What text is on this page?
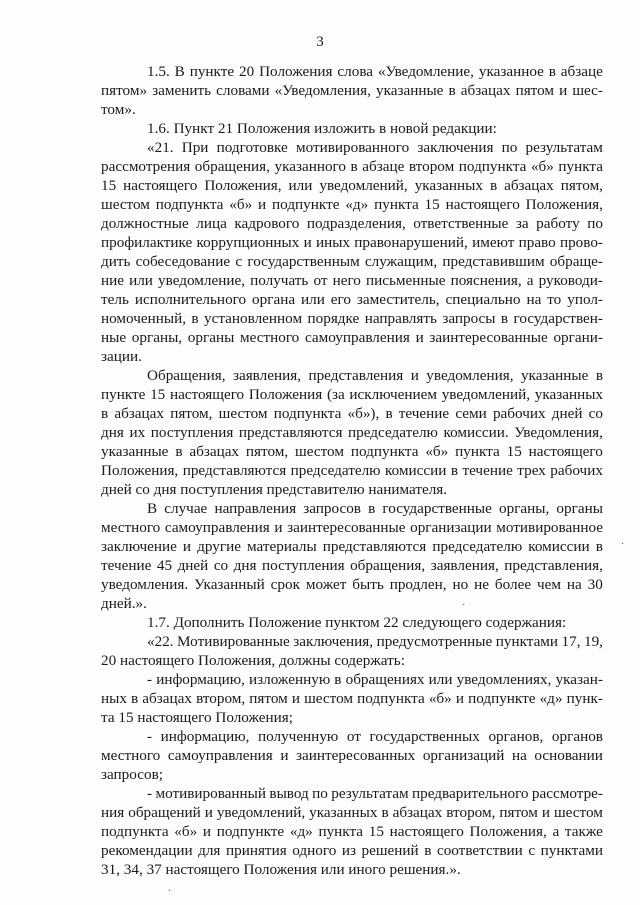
3
1.5. В пункте 20 Положения слова «Уведомление, указанное в абзаце
пятом» заменить словами «Уведомления, указанные в абзацах пятом и шес-
том».
1.6. Пункт 21 Положения изложить в новой редакции:
«21. При подготовке мотивированного заключения по результатам
рассмотрения обращения, указанного в абзаце втором подпункта «б» пункта
15 настоящего Положения, или уведомлений, указанных в абзацах пятом,
шестом подпункта «б» и подпункте «д» пункта 15 настоящего Положения,
должностные лица кадрового подразделения, ответственные за работу по
профилактике коррупционных и иных правонарушений, имеют право прово-
дить собеседование с государственным служащим, представившим обраще-
ние или уведомление, получать от него письменные пояснения, а руководи-
тель исполнительного органа или его заместитель, специально на то упол-
номоченный, в установленном порядке направлять запросы в государствен-
ные органы, органы местного самоуправления и заинтересованные органи-
зации.
Обращения, заявления, представления и уведомления, указанные в
пункте 15 настоящего Положения (за исключением уведомлений, указанных
в абзацах пятом, шестом подпункта «б»), в течение семи рабочих дней со
дня их поступления представляются председателю комиссии. Уведомления,
указанные в абзацах пятом, шестом подпункта «б» пункта 15 настоящего
Положения, представляются председателю комиссии в течение трех рабочих
дней со дня поступления представителю нанимателя.
В случае направления запросов в государственные органы, органы
местного самоуправления и заинтересованные организации мотивированное
заключение и другие материалы представляются председателю комиссии в
течение 45 дней со дня поступления обращения, заявления, представления,
уведомления. Указанный срок может быть продлен, но не более чем на 30
дней.».
1.7. Дополнить Положение пунктом 22 следующего содержания:
«22. Мотивированные заключения, предусмотренные пунктами 17, 19,
20 настоящего Положения, должны содержать:
- информацию, изложенную в обращениях или уведомлениях, указан-
ных в абзацах втором, пятом и шестом подпункта «б» и подпункте «д» пунк-
та 15 настоящего Положения;
- информацию, полученную от государственных органов, органов
местного самоуправления и заинтересованных организаций на основании
запросов;
- мотивированный вывод по результатам предварительного рассмотре-
ния обращений и уведомлений, указанных в абзацах втором, пятом и шестом
подпункта «б» и подпункте «д» пункта 15 настоящего Положения, а также
рекомендации для принятия одного из решений в соответствии с пунктами
31, 34, 37 настоящего Положения или иного решения.».
·
·
·
